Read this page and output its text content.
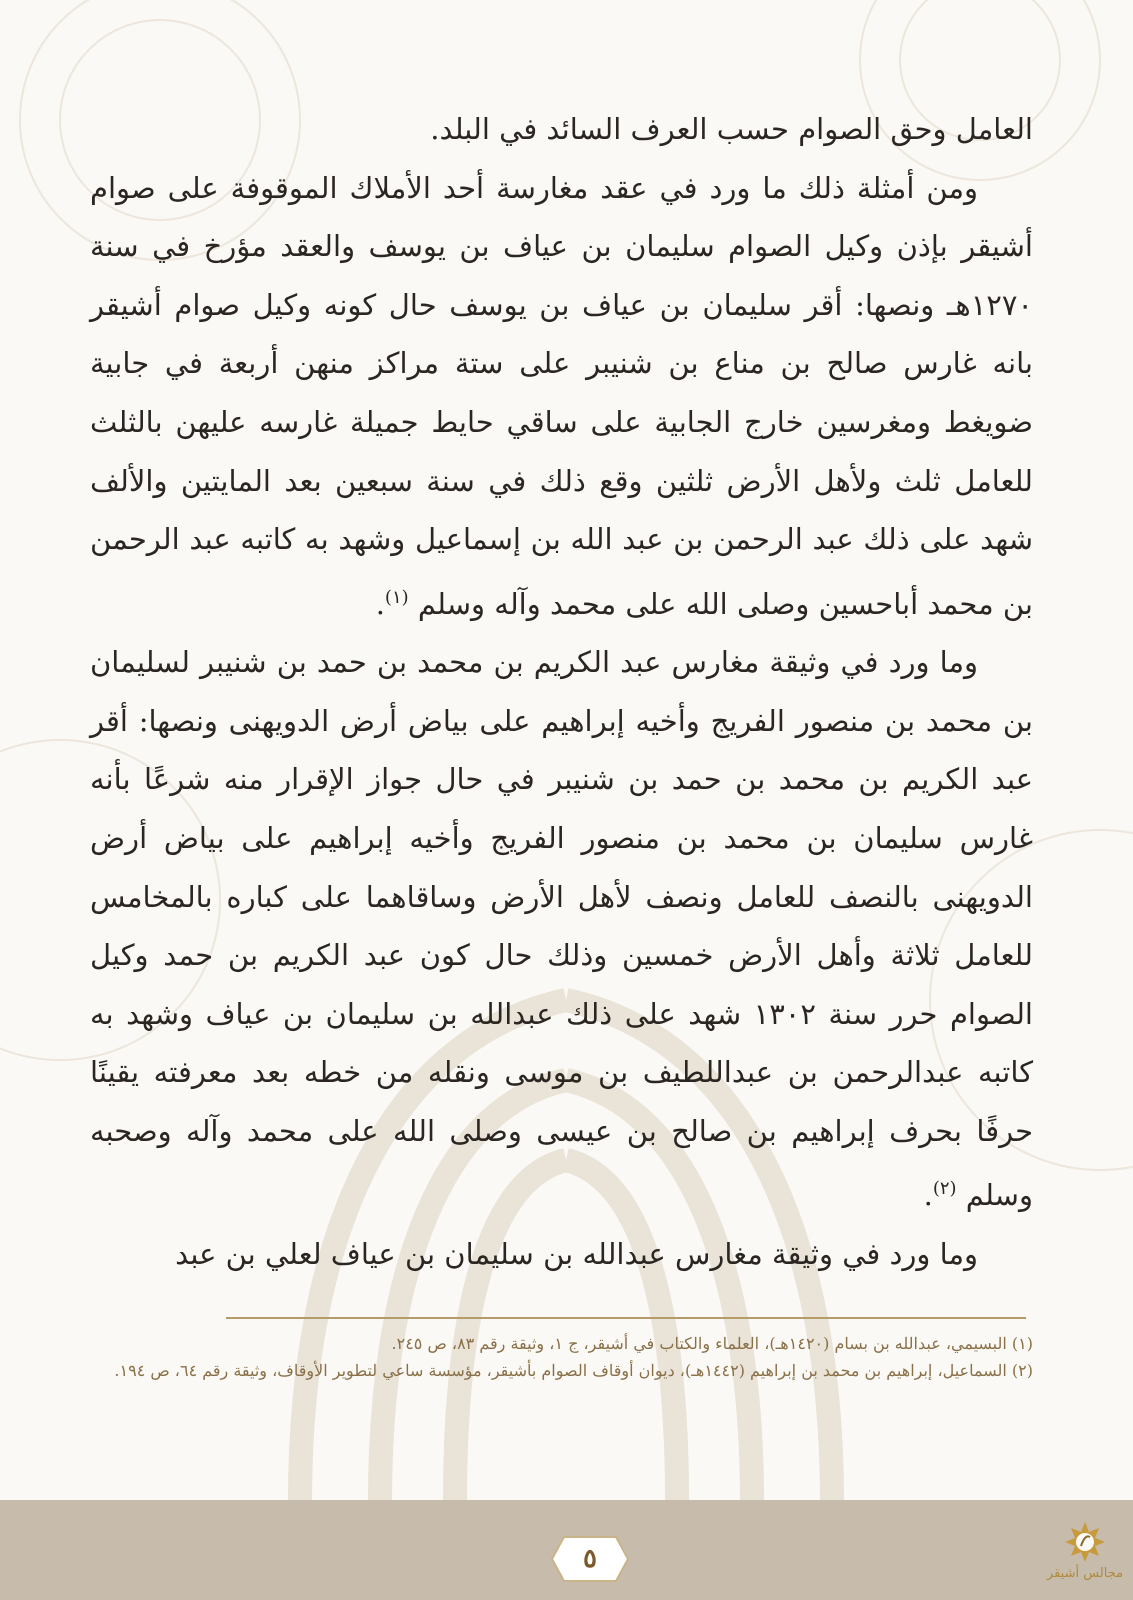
العامل وحق الصوام حسب العرف السائد في البلد.

ومن أمثلة ذلك ما ورد في عقد مغارسة أحد الأملاك الموقوفة على صوام أشيقر بإذن وكيل الصوام سليمان بن عياف بن يوسف والعقد مؤرخ في سنة ١٢٧٠هـ ونصها: أقر سليمان بن عياف بن يوسف حال كونه وكيل صوام أشيقر بانه غارس صالح بن مناع بن شنيبر على ستة مراكز منهن أربعة في جابية ضويغط ومغرسين خارج الجابية على ساقي حايط جميلة غارسه عليهن بالثلث للعامل ثلث ولأهل الأرض ثلثين وقع ذلك في سنة سبعين بعد المايتين والألف شهد على ذلك عبد الرحمن بن عبد الله بن إسماعيل وشهد به كاتبه عبد الرحمن بن محمد أباحسين وصلى الله على محمد وآله وسلم $^{(١)}$.

وما ورد في وثيقة مغارس عبد الكريم بن محمد بن حمد بن شنيبر لسليمان بن محمد بن منصور الفريج وأخيه إبراهيم على بياض أرض الدويهنى ونصها: أقر عبد الكريم بن محمد بن حمد بن شنيبر في حال جواز الإقرار منه شرعًا بأنه غارس سليمان بن محمد بن منصور الفريج وأخيه إبراهيم على بياض أرض الدويهنى بالنصف للعامل ونصف لأهل الأرض وساقاهما على كباره بالمخامس للعامل ثلاثة وأهل الأرض خمسين وذلك حال كون عبد الكريم بن حمد وكيل الصوام حرر سنة ١٣٠٢ شهد على ذلك عبدالله بن سليمان بن عياف وشهد به كاتبه عبدالرحمن بن عبداللطيف بن موسى ونقله من خطه بعد معرفته يقينًا حرفًا بحرف إبراهيم بن صالح بن عيسى وصلى الله على محمد وآله وصحبه وسلم $^{(٢)}$.

وما ورد في وثيقة مغارس عبدالله بن سليمان بن عياف لعلي بن عبد

(١) البسيمي، عبدالله بن بسام (١٤٢٠هـ)، العلماء والكتاب في أشيقر، ج ١، وثيقة رقم ٨٣، ص ٢٤٥.

(٢) السماعيل، إبراهيم بن محمد بن إبراهيم (١٤٤٢هـ)، ديوان أوقاف الصوام بأشيقر، مؤسسة ساعي لتطوير الأوقاف، وثيقة رقم ٦٤، ص ١٩٤.

٥	مجالس أشيقر
